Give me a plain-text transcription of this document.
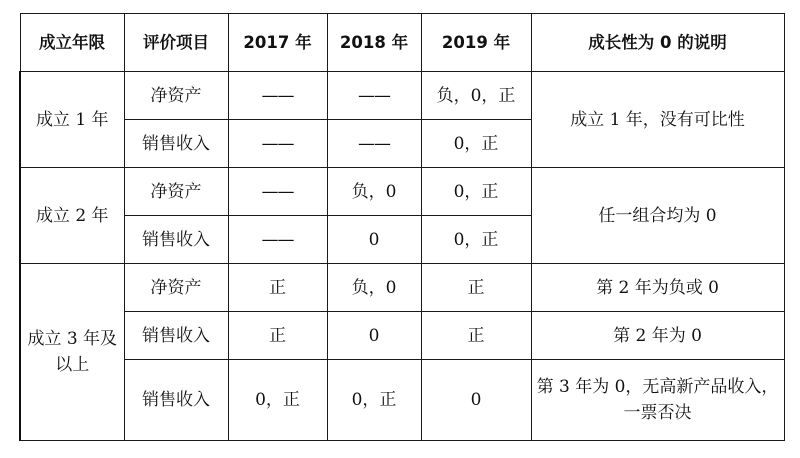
成立年限	评价项目	2017 年	2018 年	2019 年	成长性为 0 的说明
成立 1 年	净资产	——	——	负，0，正	成立 1 年，没有可比性
	销售收入	——	——	0，正	
成立 2 年	净资产	——	负，0	0，正	任一组合均为 0
	销售收入	——	0	0，正	
成立 3 年及以上	净资产	正	负，0	正	第 2 年为负或 0
	销售收入	正	0	正	第 2 年为 0
	销售收入	0，正	0，正	0	第 3 年为 0，无高新产品收入，一票否决
